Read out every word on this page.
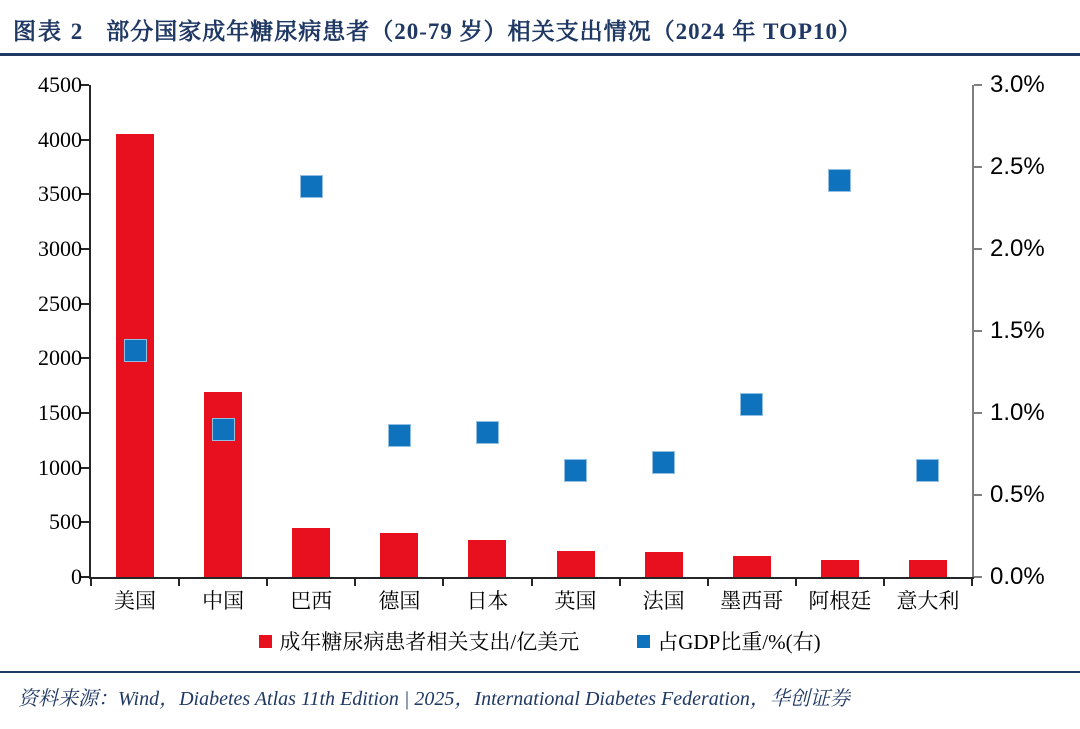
图表 2 部分国家成年糖尿病患者（20-79 岁）相关支出情况（2024 年 TOP10）
0
500
1000
1500
2000
2500
3000
3500
4000
4500
0.0%
0.5%
1.0%
1.5%
2.0%
2.5%
3.0%
美国	中国	巴西	德国	日本	英国	法国	墨西哥	阿根廷	意大利
成年糖尿病患者相关支出/亿美元	占GDP比重/%(右)
资料来源：Wind，Diabetes Atlas 11th Edition | 2025，International Diabetes Federation，华创证券
